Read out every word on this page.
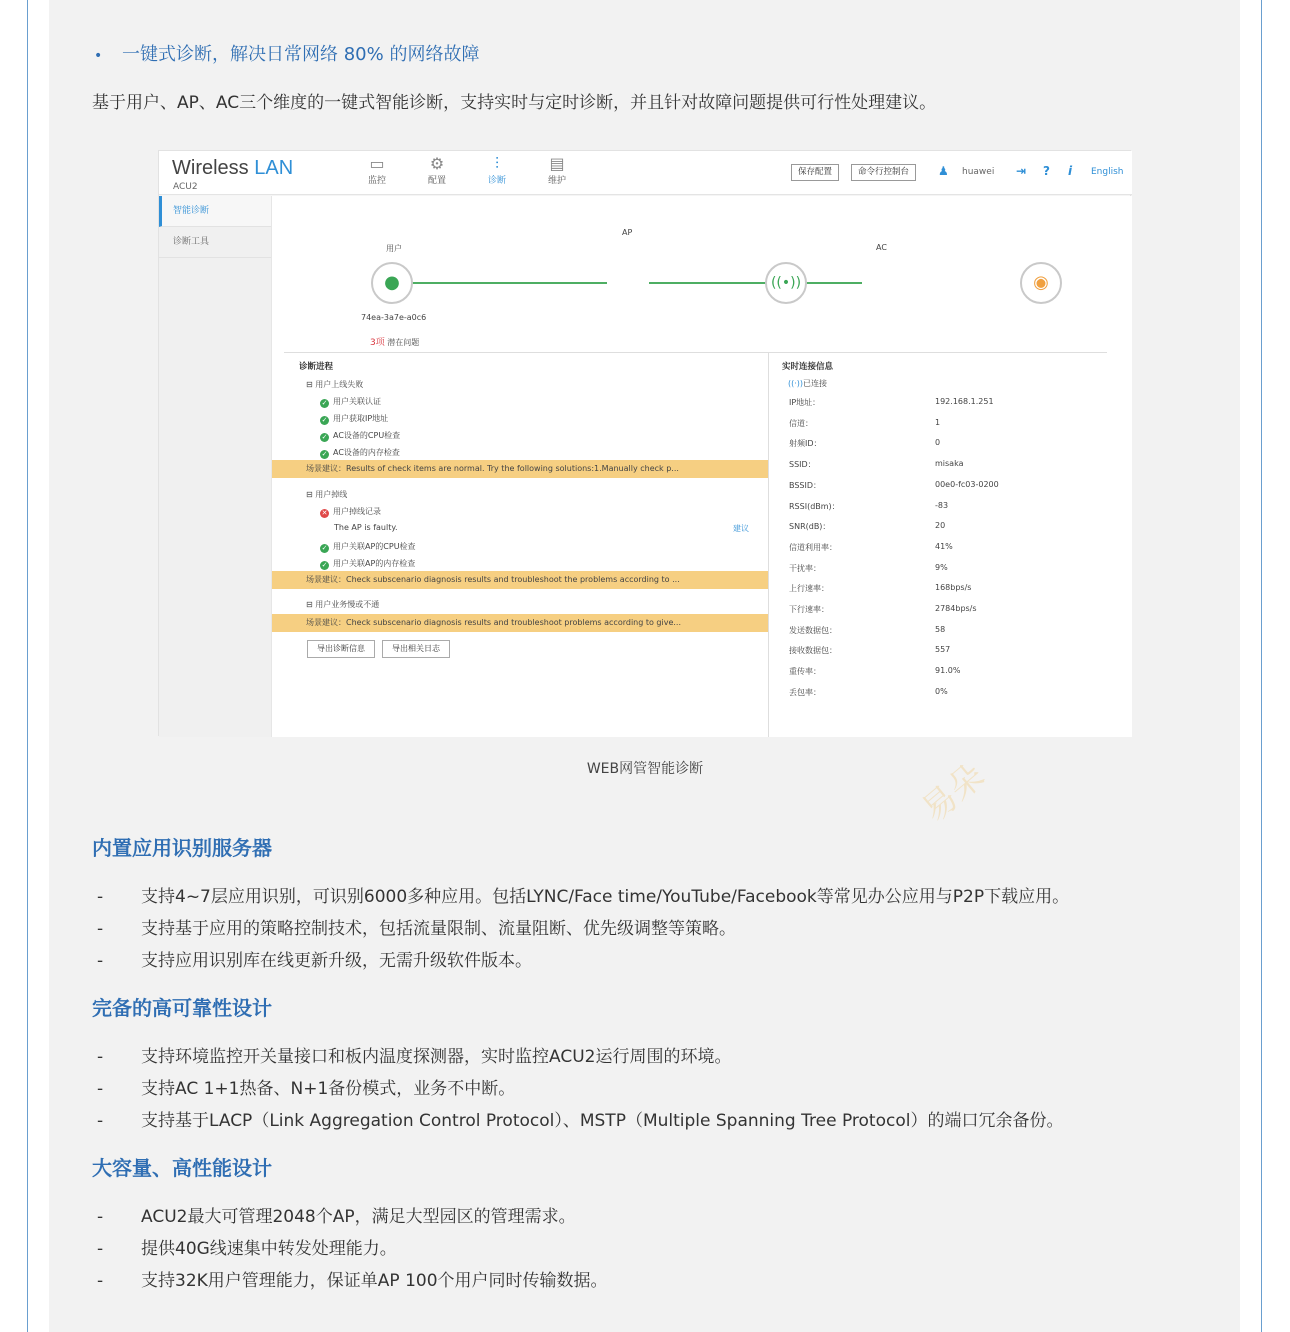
• 一键式诊断，解决日常网络 80% 的网络故障
基于用户、AP、AC三个维度的一键式智能诊断，支持实时与定时诊断，并且针对故障问题提供可行性处理建议。
Wireless LAN
ACU2
▭
监控
⚙
配置
⫶
诊断
▤
维护
保存配置	命令行控制台	♟ huawei ⇥ ? i English
智能诊断
诊断工具
用户
AP
AC
●	((•))	◉
74ea-3a7e-a0c6
3项 潜在问题
诊断进程
⊟ 用户上线失败
✓ 用户关联认证
✓ 用户获取IP地址
✓ AC设备的CPU检查
✓ AC设备的内存检查
场景建议：Results of check items are normal. Try the following solutions:1.Manually check p...
⊟ 用户掉线
✕ 用户掉线记录
The AP is faulty.	建议
✓ 用户关联AP的CPU检查
✓ 用户关联AP的内存检查
场景建议：Check subscenario diagnosis results and troubleshoot the problems according to ...
⊟ 用户业务慢或不通
场景建议：Check subscenario diagnosis results and troubleshoot problems according to give...
导出诊断信息	导出相关日志
实时连接信息
((·))已连接
IP地址：	192.168.1.251
信道：	1
射频ID：	0
SSID：	misaka
BSSID：	00e0-fc03-0200
RSSI(dBm)：	-83
SNR(dB)：	20
信道利用率：	41%
干扰率：	9%
上行速率：	168bps/s
下行速率：	2784bps/s
发送数据包：	58
接收数据包：	557
重传率：	91.0%
丢包率：	0%
易朵
WEB网管智能诊断
内置应用识别服务器
- 支持4~7层应用识别，可识别6000多种应用。包括LYNC/Face time/YouTube/Facebook等常见办公应用与P2P下载应用。
- 支持基于应用的策略控制技术，包括流量限制、流量阻断、优先级调整等策略。
- 支持应用识别库在线更新升级，无需升级软件版本。
完备的高可靠性设计
- 支持环境监控开关量接口和板内温度探测器，实时监控ACU2运行周围的环境。
- 支持AC 1+1热备、N+1备份模式，业务不中断。
- 支持基于LACP（Link Aggregation Control Protocol）、MSTP（Multiple Spanning Tree Protocol）的端口冗余备份。
大容量、高性能设计
- ACU2最大可管理2048个AP，满足大型园区的管理需求。
- 提供40G线速集中转发处理能力。
- 支持32K用户管理能力，保证单AP 100个用户同时传输数据。
